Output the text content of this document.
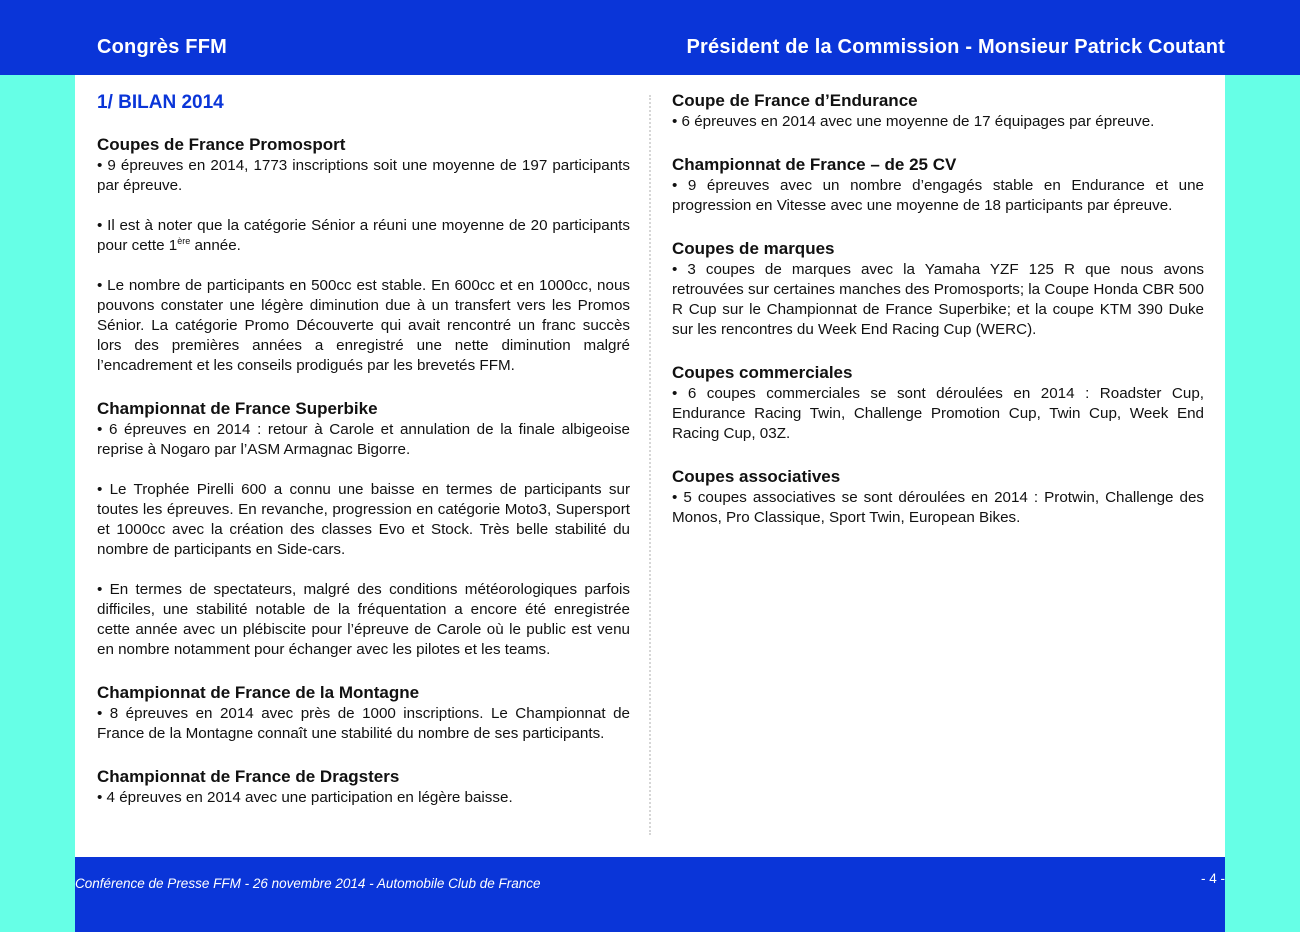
Congrès FFM	Président de la Commission - Monsieur Patrick Coutant
1/ BILAN 2014
Coupes de France Promosport

• 9 épreuves en 2014, 1773 inscriptions soit une moyenne de 197 participants par épreuve.

• Il est à noter que la catégorie Sénior a réuni une moyenne de 20 participants pour cette 1ère année.

• Le nombre de participants en 500cc est stable. En 600cc et en 1000cc, nous pouvons constater une légère diminution due à un transfert vers les Promos Sénior. La catégorie Promo Découverte qui avait rencontré un franc succès lors des premières années a enregistré une nette diminution malgré l’encadrement et les conseils prodigués par les brevetés FFM.

Championnat de France Superbike

• 6 épreuves en 2014 : retour à Carole et annulation de la finale albigeoise reprise à Nogaro par l’ASM Armagnac Bigorre.

• Le Trophée Pirelli 600 a connu une baisse en termes de participants sur toutes les épreuves. En revanche, progression en catégorie Moto3, Supersport et 1000cc avec la création des classes Evo et Stock. Très belle stabilité du nombre de participants en Side-cars.

• En termes de spectateurs, malgré des conditions météorologiques parfois difficiles, une stabilité notable de la fréquentation a encore été enregistrée cette année avec un plébiscite pour l’épreuve de Carole où le public est venu en nombre notamment pour échanger avec les pilotes et les teams.

Championnat de France de la Montagne

• 8 épreuves en 2014 avec près de 1000 inscriptions. Le Championnat de France de la Montagne connaît une stabilité du nombre de ses participants.

Championnat de France de Dragsters

• 4 épreuves en 2014 avec une participation en légère baisse.

Coupe de France d’Endurance

• 6 épreuves en 2014 avec une moyenne de 17 équipages par épreuve.

Championnat de France – de 25 CV

• 9 épreuves avec un nombre d’engagés stable en Endurance et une progression en Vitesse avec une moyenne de 18 participants par épreuve.

Coupes de marques

• 3 coupes de marques avec la Yamaha YZF 125 R que nous avons retrouvées sur certaines manches des Promosports; la Coupe Honda CBR 500 R Cup sur le Championnat de France Superbike; et la coupe KTM 390 Duke sur les rencontres du Week End Racing Cup (WERC).

Coupes commerciales

• 6 coupes commerciales se sont déroulées en 2014 : Roadster Cup, Endurance Racing Twin, Challenge Promotion Cup, Twin Cup, Week End Racing Cup, 03Z.

Coupes associatives

• 5 coupes associatives se sont déroulées en 2014 : Protwin, Challenge des Monos, Pro Classique, Sport Twin, European Bikes.

Conférence de Presse FFM - 26 novembre 2014 - Automobile Club de France	- 4 -
